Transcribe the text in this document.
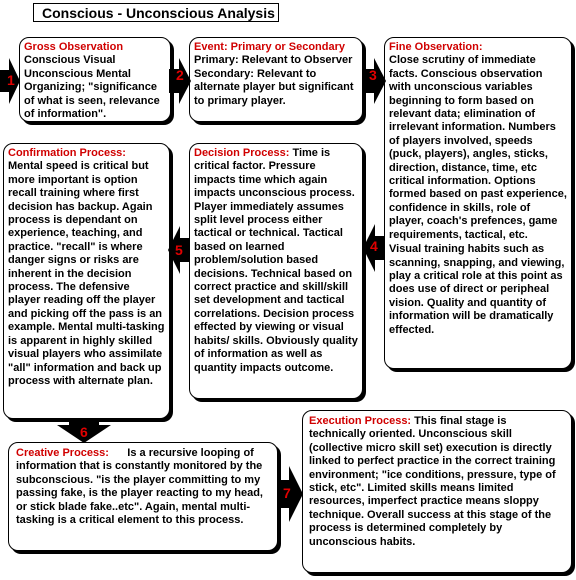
Conscious - Unconscious Analysis

Gross Observation
Conscious Visual Unconscious Mental Organizing; "significance of what is seen, relevance of information".

Event: Primary or Secondary
Primary: Relevant to Observer Secondary: Relevant to alternate player but significant to primary player.

Fine Observation:
Close scrutiny of immediate facts. Conscious observation with unconscious variables beginning to form based on relevant data; elimination of irrelevant information. Numbers of players involved, speeds (puck, players), angles, sticks, direction, distance, time, etc critical information. Options formed based on past experience, confidence in skills, role of player, coach's prefences, game requirements, tactical, etc.

Visual training habits such as scanning, snapping, and viewing, play a critical role at this point as does use of direct or peripheal vision. Quality and quantity of information will be dramatically effected.

Decision Process: Time is critical factor. Pressure impacts time which again impacts unconscious process. Player immediately assumes split level process either tactical or technical. Tactical based on learned problem/solution based decisions. Technical based on correct practice and skill/skill set development and tactical correlations. Decision process effected by viewing or visual habits/ skills. Obviously quality of information as well as quantity impacts outcome.

Confirmation Process:
Mental speed is critical but more important is option recall training where first decision has backup. Again process is dependant on experience, teaching, and practice. "recall" is where danger signs or risks are inherent in the decision process. The defensive player reading off the player and picking off the pass is an example. Mental multi-tasking is apparent in highly skilled visual players who assimilate "all" information and back up process with alternate plan.

Creative Process: Is a recursive looping of information that is constantly monitored by the subconscious. "is the player committing to my passing fake, is the player reacting to my head, or stick blade fake..etc". Again, mental multi-tasking is a critical element to this process.

Execution Process: This final stage is technically oriented. Unconscious skill (collective micro skill set) execution is directly linked to perfect practice in the correct training environment; "ice conditions, pressure, type of stick, etc". Limited skills means limited resources, imperfect practice means sloppy technique. Overall success at this stage of the process is determined completely by unconscious habits.

1	2	3
4
5
6
7
